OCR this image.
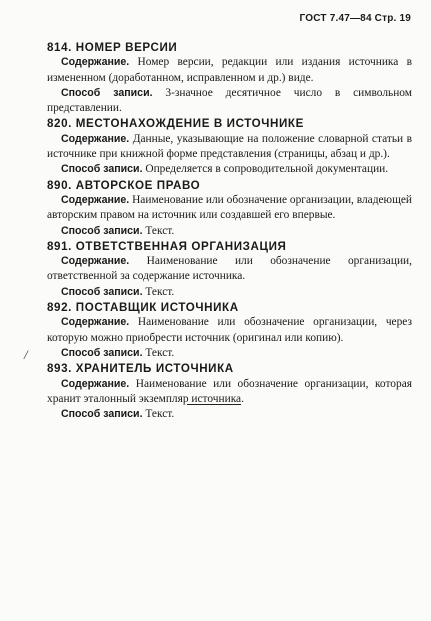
ГОСТ 7.47—84 Стр. 19
/

814. НОМЕР ВЕРСИИ

Содержание. Номер версии, редакции или издания источника в измененном (доработанном, исправленном и др.) виде.

Способ записи. 3-значное десятичное число в символьном представлении.

820. МЕСТОНАХОЖДЕНИЕ В ИСТОЧНИКЕ

Содержание. Данные, указывающие на положение словарной статьи в источнике при книжной форме представления (страницы, абзац и др.).

Способ записи. Определяется в сопроводительной документации.

890. АВТОРСКОЕ ПРАВО

Содержание. Наименование или обозначение организации, владеющей авторским правом на источник или создавшей его впервые.

Способ записи. Текст.

891. ОТВЕТСТВЕННАЯ ОРГАНИЗАЦИЯ

Содержание. Наименование или обозначение организации, ответственной за содержание источника.

Способ записи. Текст.

892. ПОСТАВЩИК ИСТОЧНИКА

Содержание. Наименование или обозначение организации, через которую можно приобрести источник (оригинал или копию).

Способ записи. Текст.

893. ХРАНИТЕЛЬ ИСТОЧНИКА

Содержание. Наименование или обозначение организации, которая хранит эталонный экземпляр источника.

Способ записи. Текст.
